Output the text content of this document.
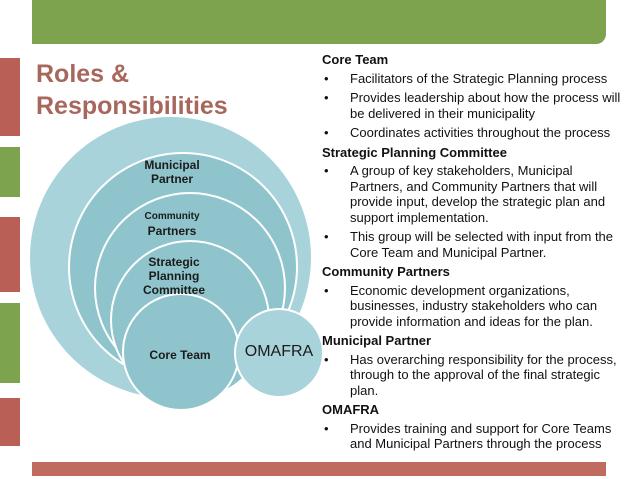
Roles &
Responsibilities
Municipal Partner
Community
Partners
Strategic Planning Committee
Core Team	OMAFRA
Core Team
•	Facilitators of the Strategic Planning process
•	Provides leadership about how the process will be delivered in their municipality
•	Coordinates activities throughout the process
Strategic Planning Committee
•	A group of key stakeholders, Municipal Partners, and Community Partners that will provide input, develop the strategic plan and support implementation.
•	This group will be selected with input from the Core Team and Municipal Partner.
Community Partners
•	Economic development organizations, businesses, industry stakeholders who can provide information and ideas for the plan.
Municipal Partner
•	Has overarching responsibility for the process, through to the approval of the final strategic plan.
OMAFRA
•	Provides training and support for Core Teams and Municipal Partners through the process
